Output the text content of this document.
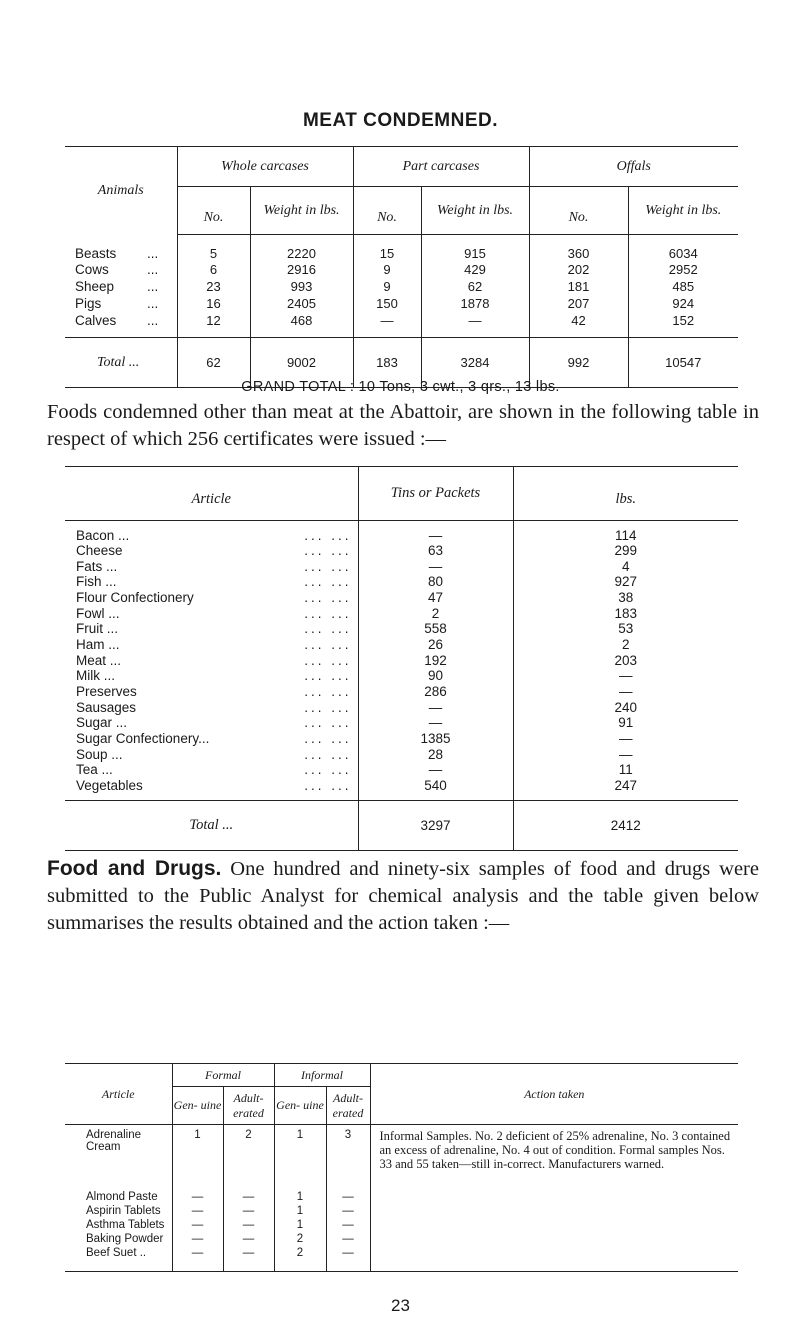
MEAT CONDEMNED.
Animals	Whole carcases		Part carcases		Offals	
	No.	Weight in lbs.	No.	Weight in lbs.	No.	Weight in lbs.
Beasts ...	5	2220	15	915	360	6034
Cows ...	6	2916	9	429	202	2952
Sheep ...	23	993	9	62	181	485
Pigs ...	16	2405	150	1878	207	924
Calves ...	12	468	—	—	42	152

Total ...	62	9002	183	3284	992	10547
GRAND TOTAL : 10 Tons, 3 cwt., 3 qrs., 13 lbs.
Foods condemned other than meat at the Abattoir, are shown in the following table in respect of which 256 certificates were issued :—
Article	Tins or Packets	lbs.
Bacon ... ... ...	—	114
Cheese ... ...	63	299
Fats ... ... ...	—	4
Fish ... ... ...	80	927
Flour Confectionery ... ...	47	38
Fowl ... ... ...	2	183
Fruit ... ... ...	558	53
Ham ... ... ...	26	2
Meat ... ... ...	192	203
Milk ... ... ...	90	—
Preserves ... ...	286	—
Sausages ... ...	—	240
Sugar ... ... ...	—	91
Sugar Confectionery... ... ...	1385	—
Soup ... ... ...	28	—
Tea ... ... ...	—	11
Vegetables ... ...	540	247

Total ...	3297	2412
Food and Drugs. One hundred and ninety-six samples of food and drugs were submitted to the Public Analyst for chemical analysis and the table given below summarises the results obtained and the action taken :—
Article	Formal		Informal		Action taken
	Gen- uine	Adult- erated	Gen- uine	Adult- erated	
Adrenaline Cream	1	2	1	3	Informal Samples. No. 2 deficient of 25% adrenaline, No. 3 contained an excess of adrenaline, No. 4 out of condition. Formal samples Nos. 33 and 55 taken—still in-correct. Manufacturers warned.
Almond Paste	—	—	1	—	
Aspirin Tablets	—	—	1	—	
Asthma Tablets	—	—	1	—	
Baking Powder	—	—	2	—	
Beef Suet ..	—	—	2	—	

23
